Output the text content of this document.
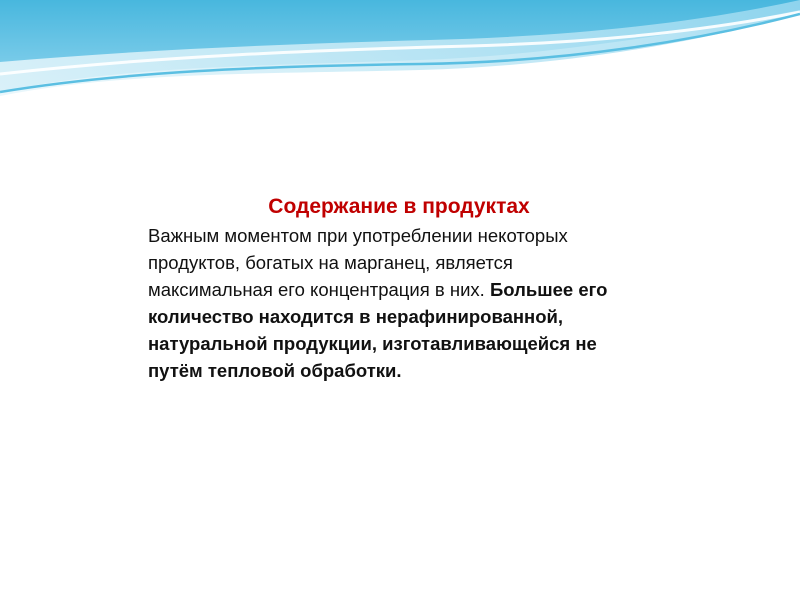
Содержание в продуктах

Важным моментом при употреблении некоторых продуктов, богатых на марганец, является максимальная его концентрация в них. Большее его количество находится в нерафинированной, натуральной продукции, изготавливающейся не путём тепловой обработки.
